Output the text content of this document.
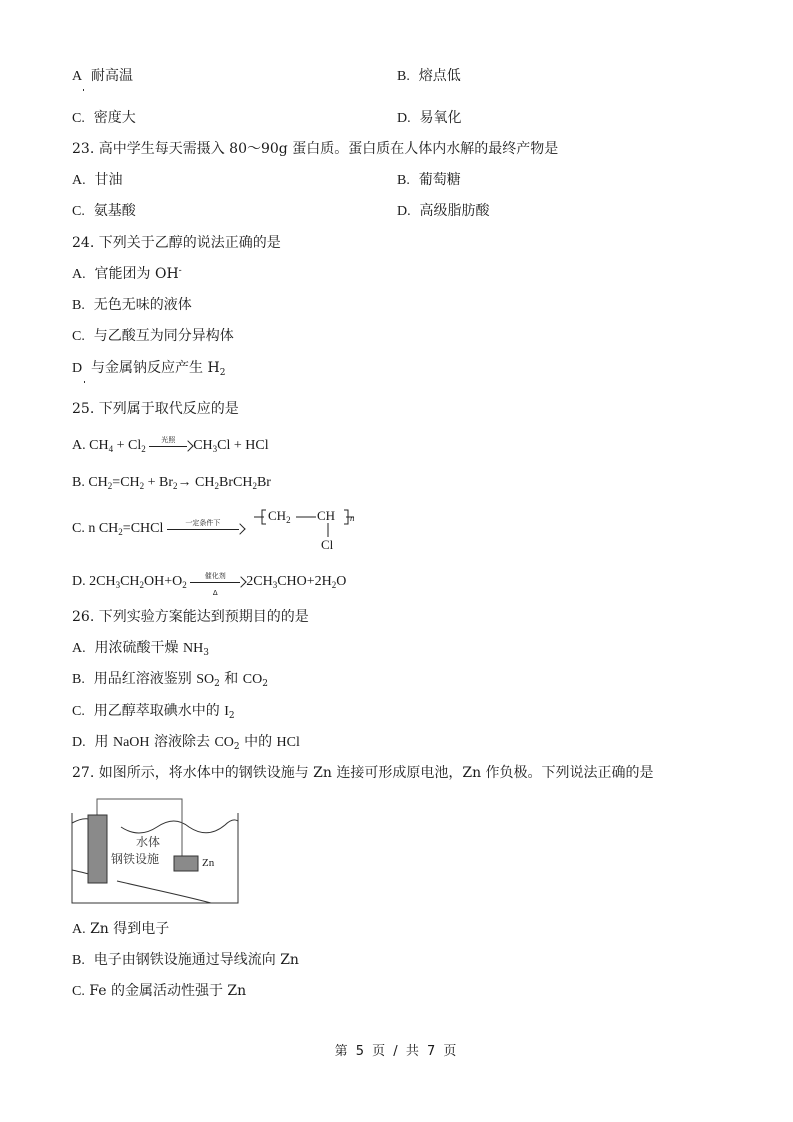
A 耐高温	B. 熔点低
C. 密度大	D. 易氧化
23. 高中学生每天需摄入 80～90g 蛋白质。蛋白质在人体内水解的最终产物是
A. 甘油	B. 葡萄糖
C. 氨基酸	D. 高级脂肪酸
24. 下列关于乙醇的说法正确的是
A. 官能团为 OH-
B. 无色无味的液体
C. 与乙酸互为同分异构体
D 与金属钠反应产生 $H_2$
25. 下列属于取代反应的是
A. $CH_4 + Cl_2$
光照	$CH_3Cl$ + HCl
B. $CH_2=CH_2 + Br_2\to$ $CH_2BrCH_2Br$
C. n $CH_2=CHCl$	一定条件下	$CH_2$ CH
Cl
n
D. $2CH_3CH_2OH+O_2$
催化剂
Δ
$2CH_3CHO+2H_2O$
26. 下列实验方案能达到预期目的的是
A. 用浓硫酸干燥 $NH_3$
B. 用品红溶液鉴别 $SO_2$ 和 $CO_2$
C. 用乙醇萃取碘水中的 $I_2$
D. 用 NaOH 溶液除去 $CO_2$ 中的 HCl
27. 如图所示，将水体中的钢铁设施与 Zn 连接可形成原电池，Zn 作负极。下列说法正确的是
水体
钢铁设施	Zn
A. Zn 得到电子
B. 电子由钢铁设施通过导线流向 Zn
C. Fe 的金属活动性强于 Zn
第 5 页 / 共 7 页
